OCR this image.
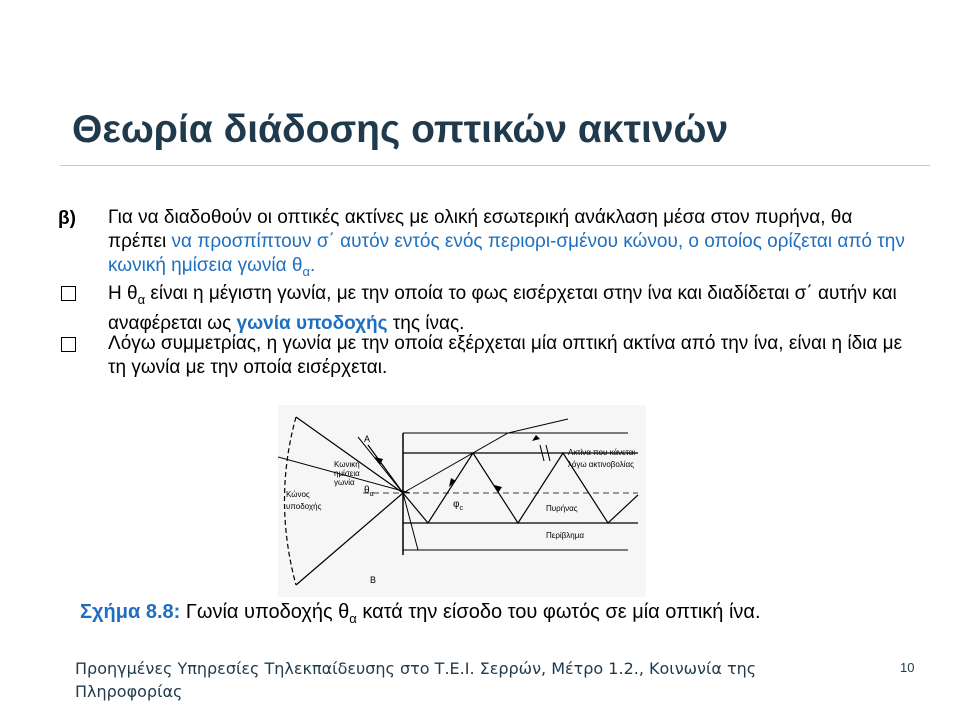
Θεωρία διάδοσης οπτικών ακτινών
β) Για να διαδοθούν οι οπτικές ακτίνες με ολική εσωτερική ανάκλαση μέσα στον πυρήνα, θα πρέπει να προσπίπτουν σ΄ αυτόν εντός ενός περιορι-σμένου κώνου, ο οποίος ορίζεται από την κωνική ημίσεια γωνία $\theta_\alpha$.
Η $\theta_\alpha$ είναι η μέγιστη γωνία, με την οποία το φως εισέρχεται στην ίνα και διαδίδεται σ΄ αυτήν και αναφέρεται ως γωνία υποδοχής της ίνας.
Λόγω συμμετρίας, η γωνία με την οποία εξέρχεται μία οπτική ακτίνα από την ίνα, είναι η ίδια με τη γωνία με την οποία εισέρχεται.
Α
Β
Κωνική
ημίσεια
γωνία
$\theta_\alpha$
Κώνος
υποδοχής	$\varphi_c$	Πυρήνας
Περίβλημα
Ακτίνα που κάνεται
λόγω ακτινοβολίας
Σχήμα 8.8: Γωνία υποδοχής $\theta_\alpha$ κατά την είσοδο του φωτός σε μία οπτική ίνα.
Προηγμένες Υπηρεσίες Τηλεκπαίδευσης στο Τ.Ε.Ι. Σερρών, Μέτρο 1.2., Κοινωνία της Πληροφορίας
10
